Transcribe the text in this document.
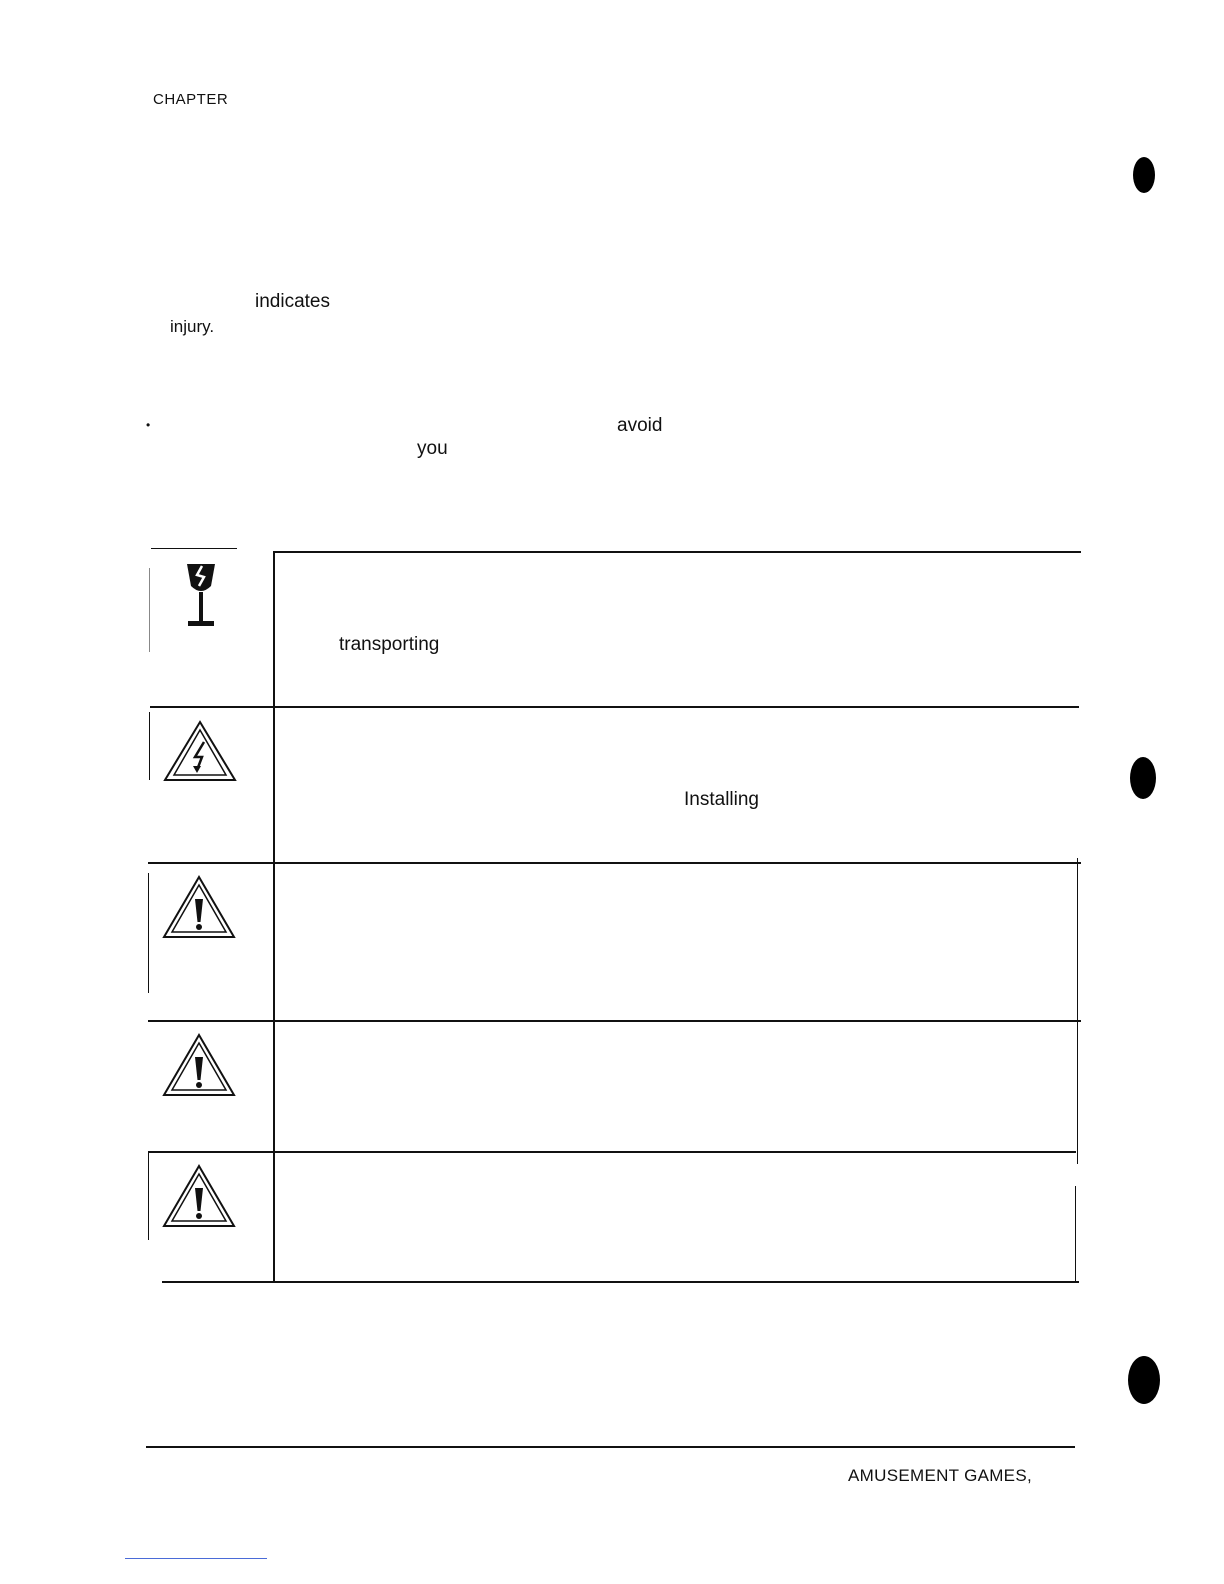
CHAPTER
indicates
injury.
•	avoid
you
transporting
Installing
AMUSEMENT GAMES,
